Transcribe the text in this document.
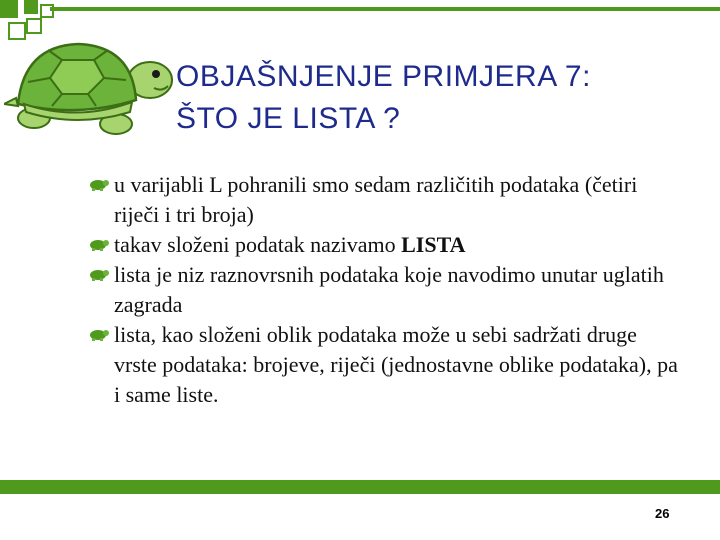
OBJAŠNJENJE PRIMJERA 7:
ŠTO JE LISTA ?
u varijabli L pohranili smo sedam različitih podataka (četiri riječi i tri broja)
takav složeni podatak nazivamo LISTA
lista je niz raznovrsnih podataka koje navodimo unutar uglatih zagrada
lista, kao složeni oblik podataka može u sebi sadržati druge vrste podataka: brojeve, riječi (jednostavne oblike podataka), pa i same liste.
26
